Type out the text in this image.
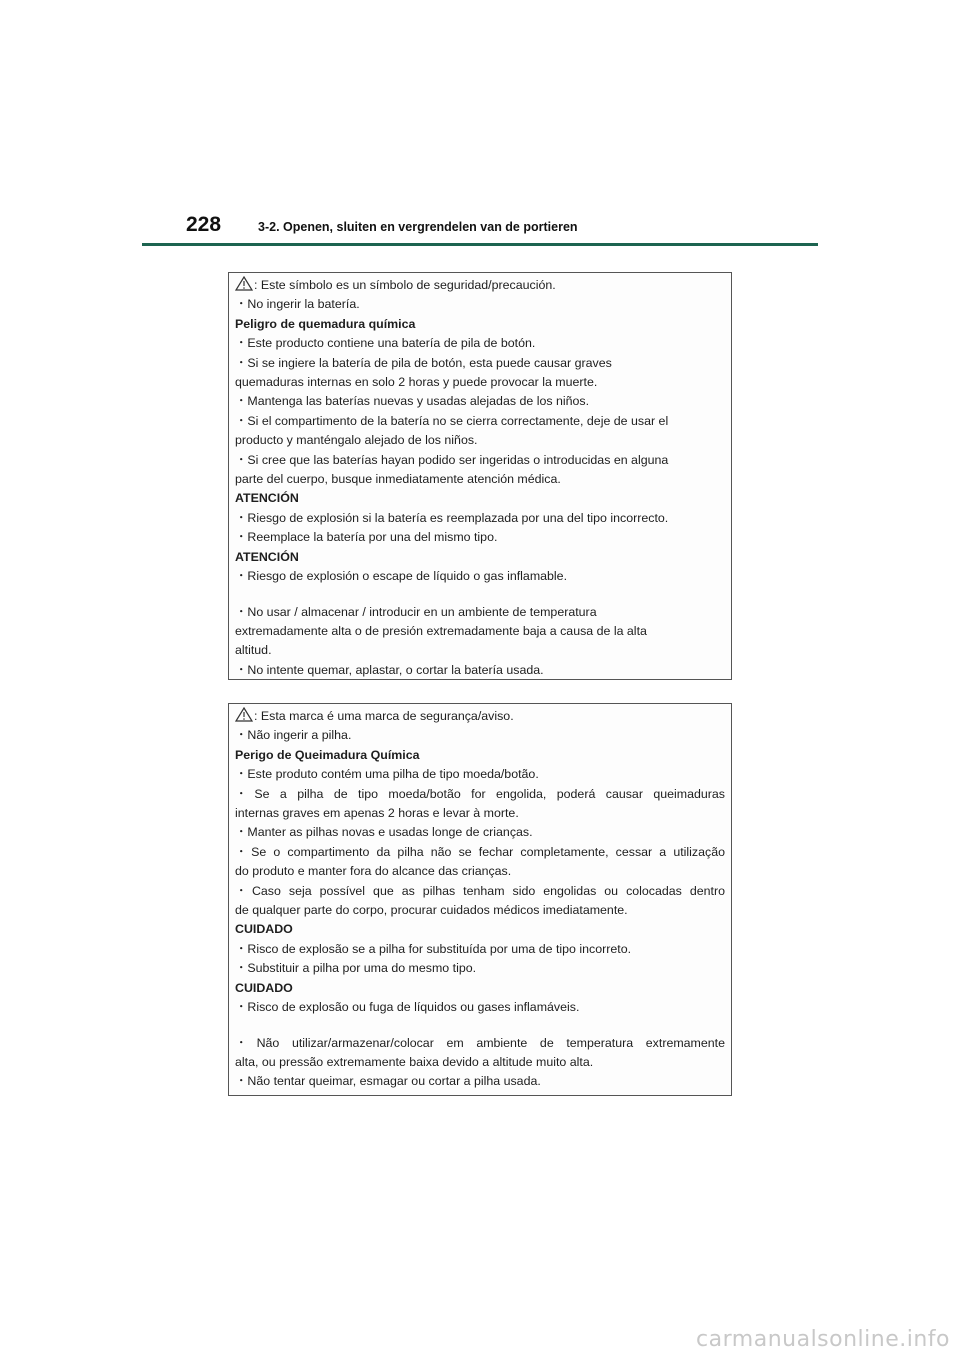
228	3-2. Openen, sluiten en vergrendelen van de portieren
: Este símbolo es un símbolo de seguridad/precaución.
・No ingerir la batería.
Peligro de quemadura química
・Este producto contiene una batería de pila de botón.
・Si se ingiere la batería de pila de botón, esta puede causar graves
quemaduras internas en solo 2 horas y puede provocar la muerte.
・Mantenga las baterías nuevas y usadas alejadas de los niños.
・Si el compartimento de la batería no se cierra correctamente, deje de usar el
producto y manténgalo alejado de los niños.
・Si cree que las baterías hayan podido ser ingeridas o introducidas en alguna
parte del cuerpo, busque inmediatamente atención médica.
ATENCIÓN
・Riesgo de explosión si la batería es reemplazada por una del tipo incorrecto.
・Reemplace la batería por una del mismo tipo.
ATENCIÓN
・Riesgo de explosión o escape de líquido o gas inflamable.
・No usar / almacenar / introducir en un ambiente de temperatura
extremadamente alta o de presión extremadamente baja a causa de la alta
altitud.
・No intente quemar, aplastar, o cortar la batería usada.
: Esta marca é uma marca de segurança/aviso.
・Não ingerir a pilha.
Perigo de Queimadura Química
・Este produto contém uma pilha de tipo moeda/botão.
・Se a pilha de tipo moeda/botão for engolida, poderá causar queimaduras
internas graves em apenas 2 horas e levar à morte.
・Manter as pilhas novas e usadas longe de crianças.
・Se o compartimento da pilha não se fechar completamente, cessar a utilização
do produto e manter fora do alcance das crianças.
・Caso seja possível que as pilhas tenham sido engolidas ou colocadas dentro
de qualquer parte do corpo, procurar cuidados médicos imediatamente.
CUIDADO
・Risco de explosão se a pilha for substituída por uma de tipo incorreto.
・Substituir a pilha por uma do mesmo tipo.
CUIDADO
・Risco de explosão ou fuga de líquidos ou gases inflamáveis.
・Não utilizar/armazenar/colocar em ambiente de temperatura extremamente
alta, ou pressão extremamente baixa devido a altitude muito alta.
・Não tentar queimar, esmagar ou cortar a pilha usada.
carmanualsonline.info
